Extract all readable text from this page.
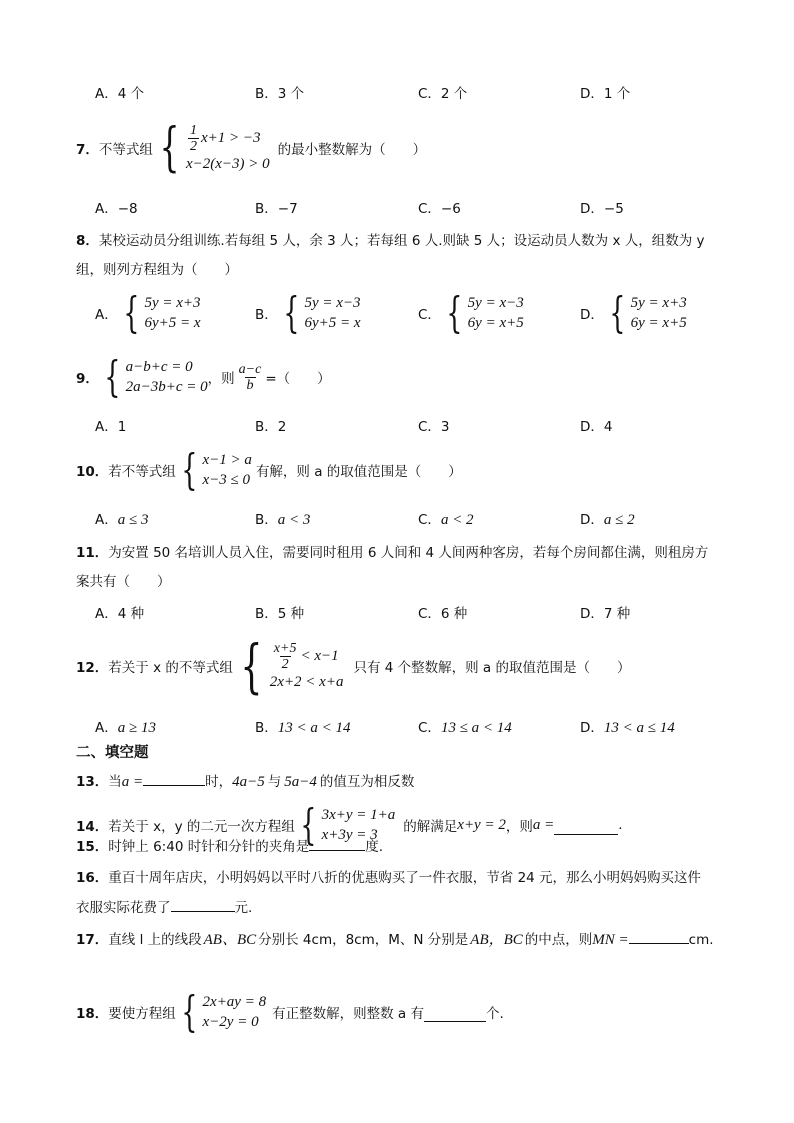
A．4 个	B．3 个	C．2 个	D．1 个
7． 不等式组 { $\frac{1}{2} x+1 > -3$
x−2(x−3) > 0
的最小整数解为（　　）
A．−8	B．−7	C．−6	D．−5
8．某校运动员分组训练.若每组 5 人，余 3 人；若每组 6 人.则缺 5 人；设运动员人数为 x 人，组数为 y
组，则列方程组为（　　）
A． { 5y = x+3
6y+5 = x	B． { 5y = x−3
6y+5 = x	C． { 5y = x−3
6y = x+5	D． { 5y = x+3
6y = x+5
9． { a−b+c = 0
2a−3b+c = 0 ，则 $\frac{a-c}{b}$ =（　　）
A．1	B．2	C．3	D．4
10． 若不等式组 { x−1 > a
x−3 ≤ 0 有解，则 a 的取值范围是（　　）
A．a ≤ 3	B．a < 3	C．a < 2	D．a ≤ 2
11．为安置 50 名培训人员入住，需要同时租用 6 人间和 4 人间两种客房，若每个房间都住满，则租房方
案共有（　　）
A．4 种	B．5 种	C．6 种	D．7 种
12． 若关于 x 的不等式组 { $\frac{x+5}{2} < x-1$
2x+2 < x+a
只有 4 个整数解，则 a 的取值范围是（　　）
A．a ≥ 13	B．13 < a < 14	C．13 ≤ a < 14	D．13 < a ≤ 14
二、填空题
13． 当 a =	时， 4a−5 与 5a−4 的值互为相反数
14． 若关于 x，y 的二元一次方程组 { 3x+y = 1+a
x+3y = 3	的解满足 x+y = 2 ，则 a =	.
15． 时钟上 6:40 时针和分针的夹角是	度.
16．重百十周年店庆，小明妈妈以平时八折的优惠购买了一件衣服，节省 24 元，那么小明妈妈购买这件
衣服实际花费了	元.
17． 直线 l 上的线段 AB、BC 分别长 4cm，8cm，M、N 分别是 AB，BC 的中点，则 MN =	cm.
18． 要使方程组 { 2x+ay = 8
x−2y = 0	有正整数解，则整数 a 有	个.
